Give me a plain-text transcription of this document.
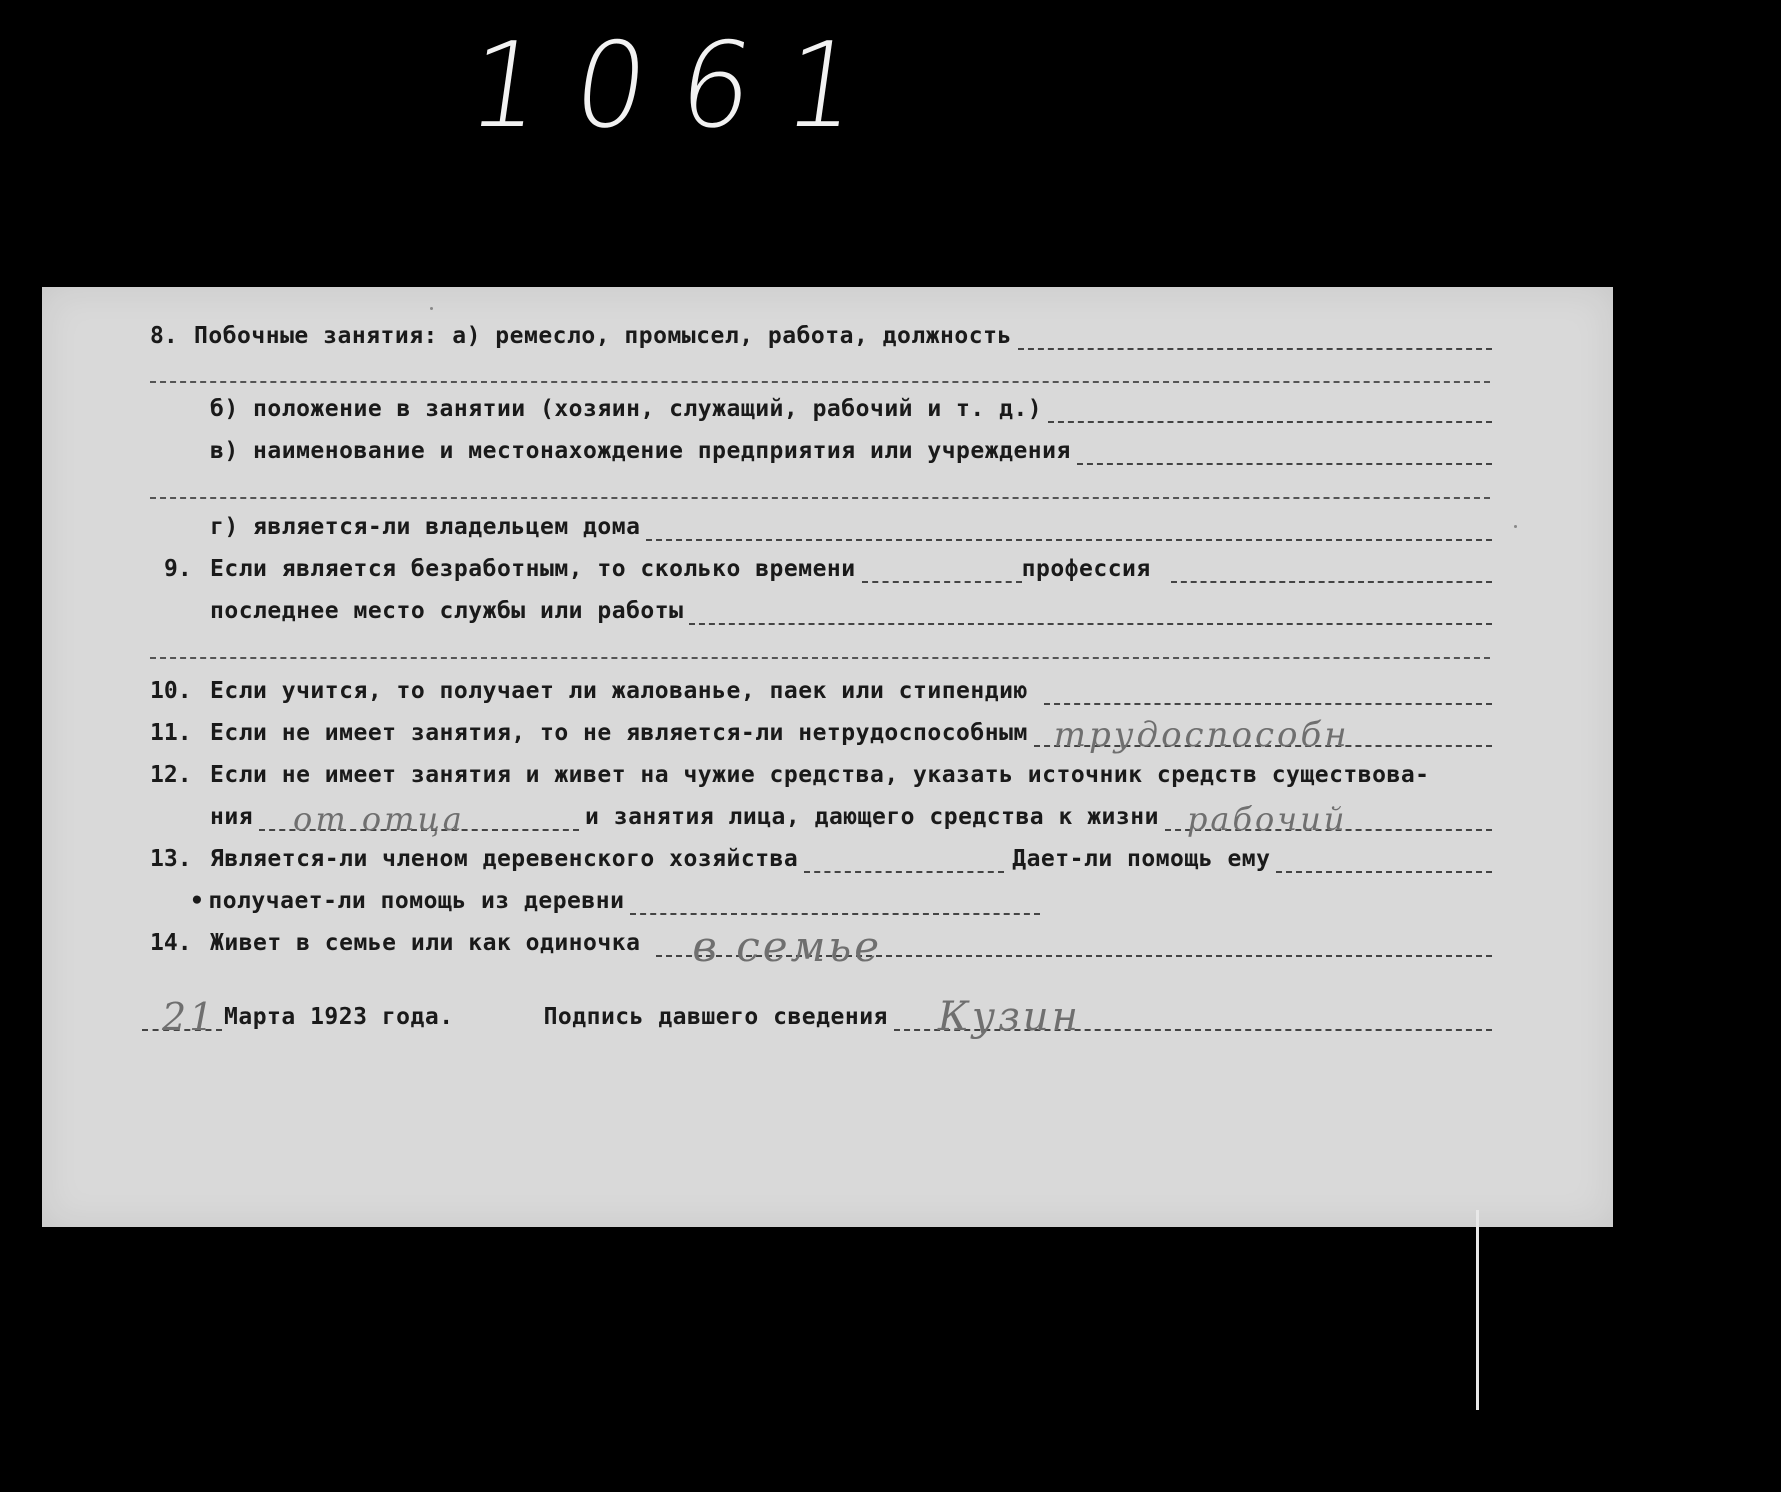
1061
8. Побочные занятия: а) ремесло, промысел, работа, должность
б) положение в занятии (хозяин, служащий, рабочий и т. д.)
в) наименование и местонахождение предприятия или учреждения
г) является-ли владельцем дома
9. Если является безработным, то сколько времени	профессия
последнее место службы или работы
10. Если учится, то получает ли жалованье, паек или стипендию
11. Если не имеет занятия, то не является-ли нетрудоспособным трудоспособн
12. Если не имеет занятия и живет на чужие средства, указать источник средств существова-
ния от отца	и занятия лица, дающего средства к жизни рабочий
13. Является-ли членом деревенского хозяйства	Дает-ли помощь ему
• получает-ли помощь из деревни
14. Живет в семье или как одиночка в семье
21 Марта 1923 года.	Подпись давшего сведения Кузин
